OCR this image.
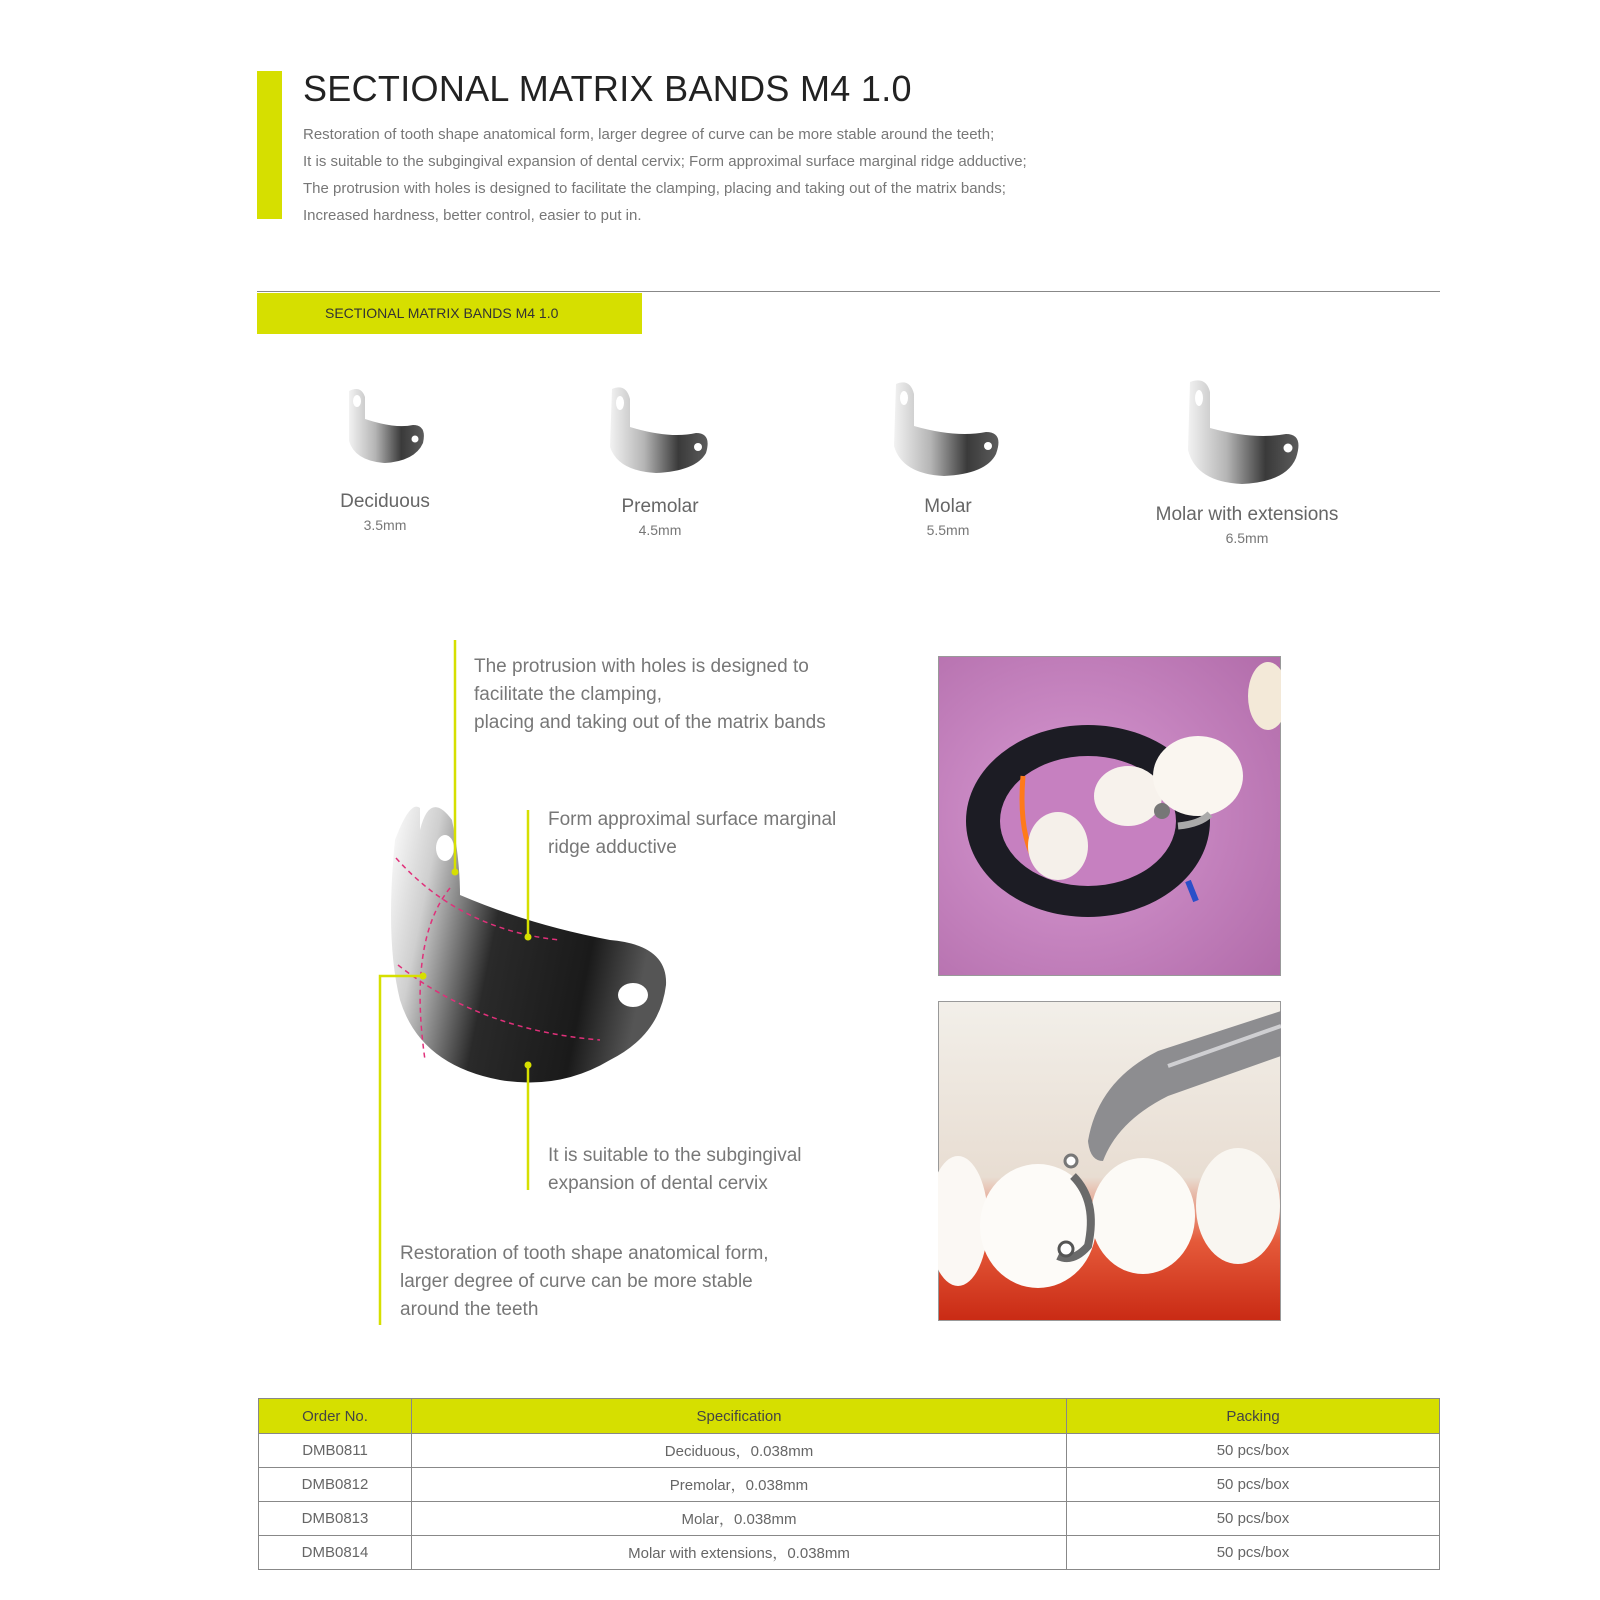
SECTIONAL MATRIX BANDS M4 1.0
Restoration of tooth shape anatomical form, larger degree of curve can be more stable around the teeth;
It is suitable to the subgingival expansion of dental cervix; Form approximal surface marginal ridge adductive;
The protrusion with holes is designed to facilitate the clamping, placing and taking out of the matrix bands;
Increased hardness, better control, easier to put in.
SECTIONAL MATRIX BANDS M4 1.0
Deciduous
3.5mm
Premolar
4.5mm
Molar
5.5mm
Molar with extensions
6.5mm
The protrusion with holes is designed to
facilitate the clamping,
placing and taking out of the matrix bands
Form approximal surface marginal
ridge adductive
It is suitable to the subgingival
expansion of dental cervix
Restoration of tooth shape anatomical form,
larger degree of curve can be more stable
around the teeth
Order No.	Specification	Packing
DMB0811	Deciduous，0.038mm	50 pcs/box
DMB0812	Premolar，0.038mm	50 pcs/box
DMB0813	Molar，0.038mm	50 pcs/box
DMB0814	Molar with extensions，0.038mm	50 pcs/box
